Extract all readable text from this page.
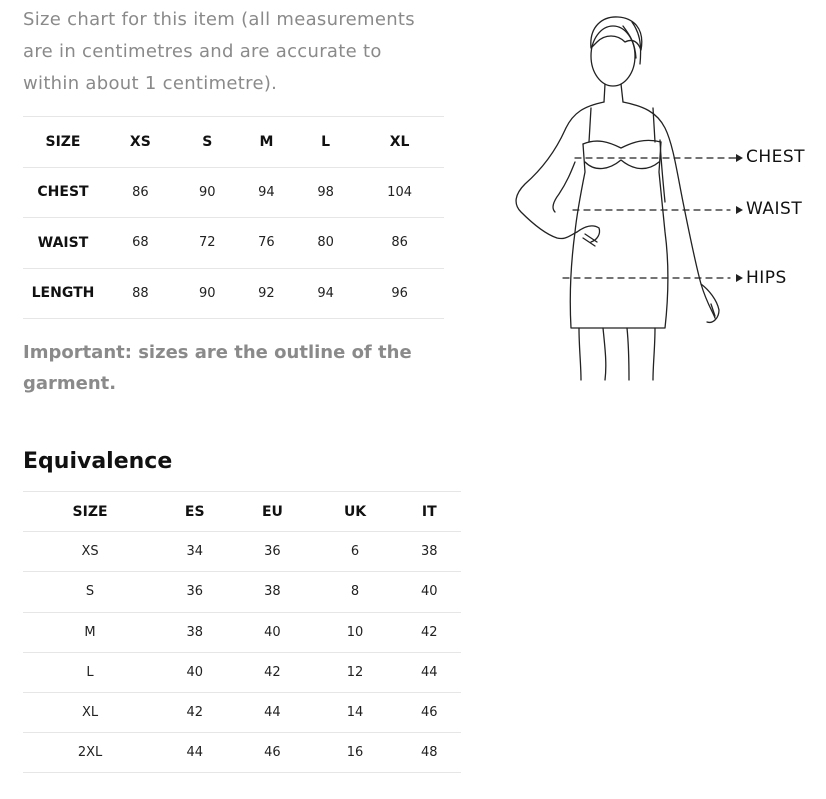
Size chart for this item (all measurements are in centimetres and are accurate to within about 1 centimetre).

SIZE	XS	S	M	L	XL
CHEST	86	90	94	98	104
WAIST	68	72	76	80	86
LENGTH	88	90	92	94	96

Important: sizes are the outline of the garment.

Equivalence
SIZE	ES	EU	UK	IT
XS	34	36	6	38
S	36	38	8	40
M	38	40	10	42
L	40	42	12	44
XL	42	44	14	46
2XL	44	46	16	48
CHEST
WAIST
HIPS
